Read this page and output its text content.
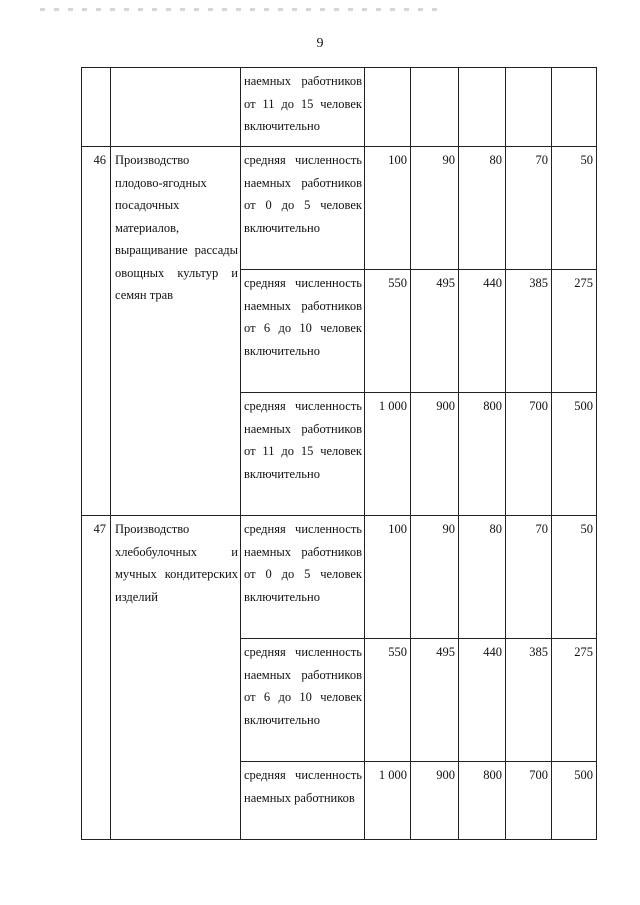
9
		наемных работников от 11 до 15 человек включительно					
46	Производство плодово-ягодных посадочных материалов, выращивание рассады овощных культур и семян трав	средняя численность наемных работников от 0 до 5 человек включительно	100	90	80	70	50
		средняя численность наемных работников от 6 до 10 человек включительно	550	495	440	385	275
		средняя численность наемных работников от 11 до 15 человек включительно	1 000	900	800	700	500
47	Производство хлебобулочных и мучных кондитерских изделий	средняя численность наемных работников от 0 до 5 человек включительно	100	90	80	70	50
		средняя численность наемных работников от 6 до 10 человек включительно	550	495	440	385	275
		средняя численность наемных работников	1 000	900	800	700	500
